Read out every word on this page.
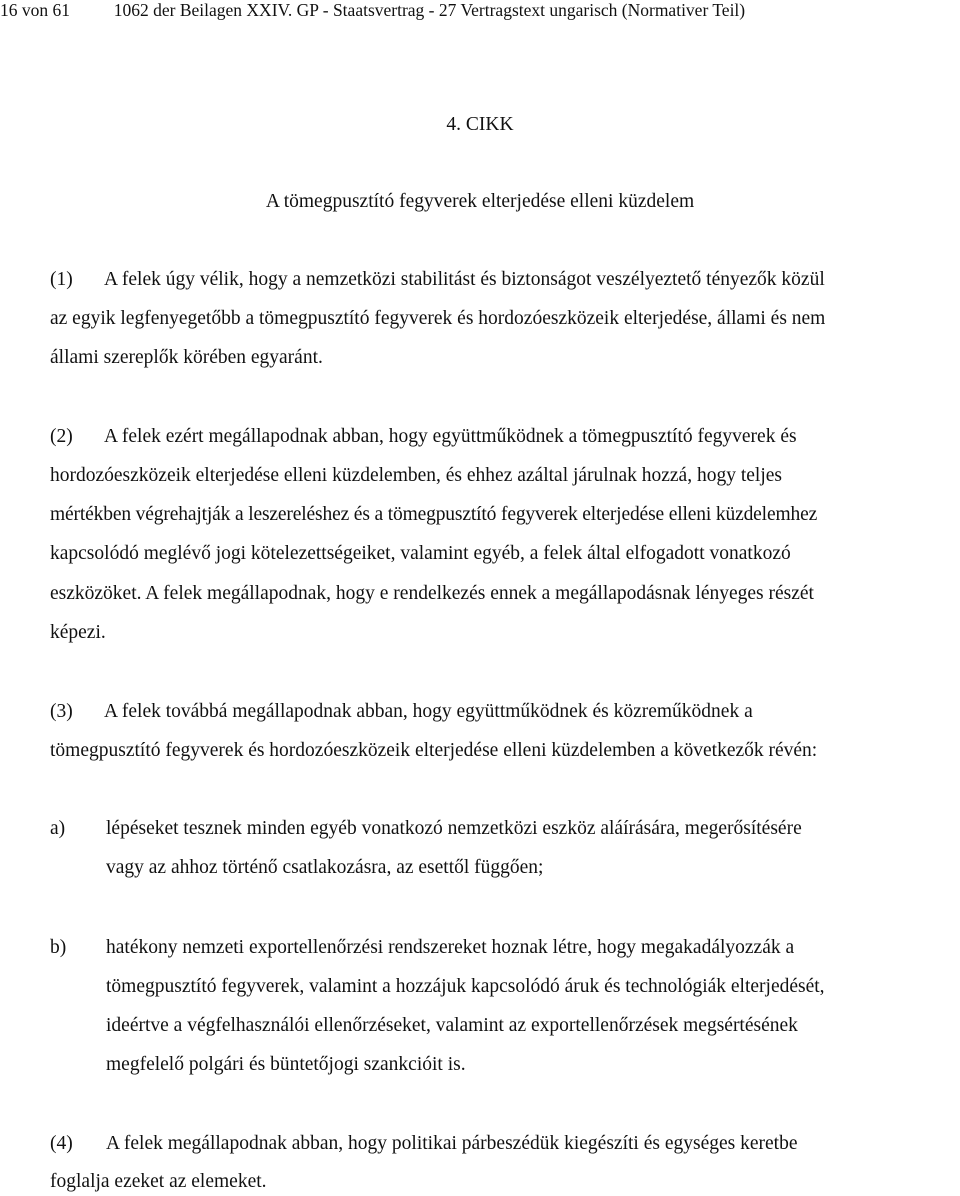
16 von 61          1062 der Beilagen XXIV. GP - Staatsvertrag - 27 Vertragstext ungarisch (Normativer Teil)
4. CIKK
A tömegpusztító fegyverek elterjedése elleni küzdelem
(1) A felek úgy vélik, hogy a nemzetközi stabilitást és biztonságot veszélyeztető tényezők közül
az egyik legfenyegetőbb a tömegpusztító fegyverek és hordozóeszközeik elterjedése, állami és nem
állami szereplők körében egyaránt.
(2) A felek ezért megállapodnak abban, hogy együttműködnek a tömegpusztító fegyverek és
hordozóeszközeik elterjedése elleni küzdelemben, és ehhez azáltal járulnak hozzá, hogy teljes
mértékben végrehajtják a leszereléshez és a tömegpusztító fegyverek elterjedése elleni küzdelemhez
kapcsolódó meglévő jogi kötelezettségeiket, valamint egyéb, a felek által elfogadott vonatkozó
eszközöket. A felek megállapodnak, hogy e rendelkezés ennek a megállapodásnak lényeges részét
képezi.
(3) A felek továbbá megállapodnak abban, hogy együttműködnek és közreműködnek a
tömegpusztító fegyverek és hordozóeszközeik elterjedése elleni küzdelemben a következők révén:
a) lépéseket tesznek minden egyéb vonatkozó nemzetközi eszköz aláírására, megerősítésére
vagy az ahhoz történő csatlakozásra, az esettől függően;
b) hatékony nemzeti exportellenőrzési rendszereket hoznak létre, hogy megakadályozzák a
tömegpusztító fegyverek, valamint a hozzájuk kapcsolódó áruk és technológiák elterjedését,
ideértve a végfelhasználói ellenőrzéseket, valamint az exportellenőrzések megsértésének
megfelelő polgári és büntetőjogi szankcióit is.
(4) A felek megállapodnak abban, hogy politikai párbeszédük kiegészíti és egységes keretbe
foglalja ezeket az elemeket.
